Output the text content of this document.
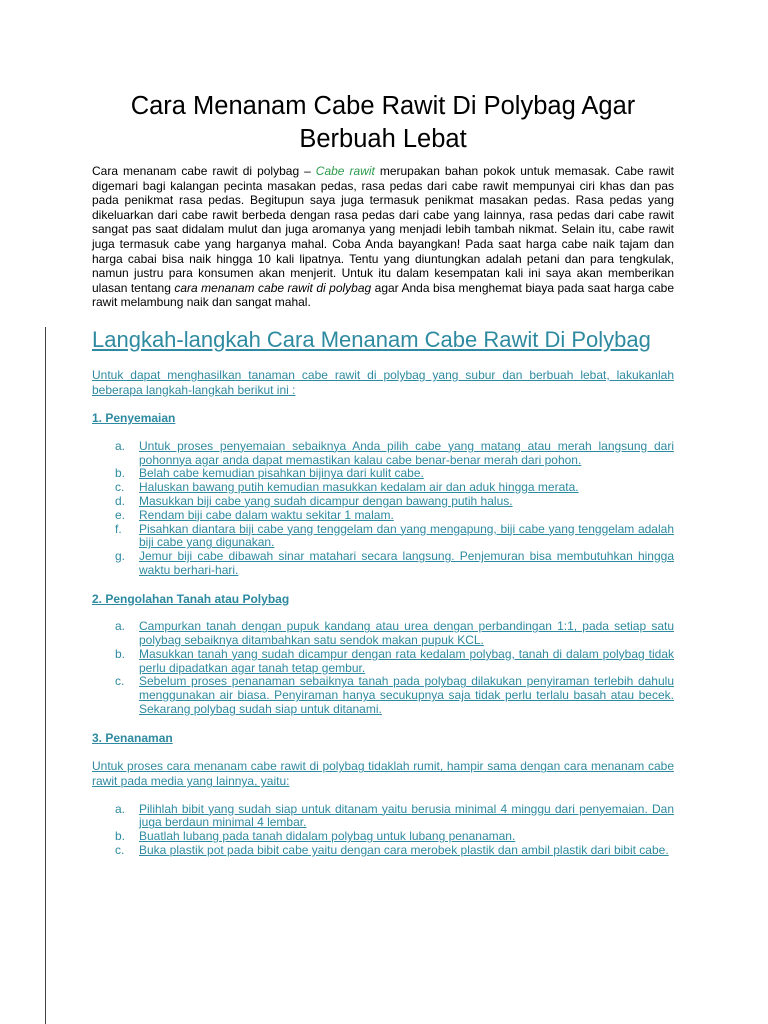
Cara Menanam Cabe Rawit Di Polybag Agar Berbuah Lebat

Cara menanam cabe rawit di polybag – Cabe rawit merupakan bahan pokok untuk memasak. Cabe rawit digemari bagi kalangan pecinta masakan pedas, rasa pedas dari cabe rawit mempunyai ciri khas dan pas pada penikmat rasa pedas. Begitupun saya juga termasuk penikmat masakan pedas. Rasa pedas yang dikeluarkan dari cabe rawit berbeda dengan rasa pedas dari cabe yang lainnya, rasa pedas dari cabe rawit sangat pas saat didalam mulut dan juga aromanya yang menjadi lebih tambah nikmat. Selain itu, cabe rawit juga termasuk cabe yang harganya mahal. Coba Anda bayangkan! Pada saat harga cabe naik tajam dan harga cabai bisa naik hingga 10 kali lipatnya. Tentu yang diuntungkan adalah petani dan para tengkulak, namun justru para konsumen akan menjerit. Untuk itu dalam kesempatan kali ini saya akan memberikan ulasan tentang cara menanam cabe rawit di polybag agar Anda bisa menghemat biaya pada saat harga cabe rawit melambung naik dan sangat mahal.

Langkah-langkah Cara Menanam Cabe Rawit Di Polybag

Untuk dapat menghasilkan tanaman cabe rawit di polybag yang subur dan berbuah lebat, lakukanlah beberapa langkah-langkah berikut ini :

1. Penyemaian
a. Untuk proses penyemaian sebaiknya Anda pilih cabe yang matang atau merah langsung dari pohonnya agar anda dapat memastikan kalau cabe benar-benar merah dari pohon.
b. Belah cabe kemudian pisahkan bijinya dari kulit cabe.
c. Haluskan bawang putih kemudian masukkan kedalam air dan aduk hingga merata.
d. Masukkan biji cabe yang sudah dicampur dengan bawang putih halus.
e. Rendam biji cabe dalam waktu sekitar 1 malam.
f. Pisahkan diantara biji cabe yang tenggelam dan yang mengapung, biji cabe yang tenggelam adalah biji cabe yang digunakan.
g. Jemur biji cabe dibawah sinar matahari secara langsung. Penjemuran bisa membutuhkan hingga waktu berhari-hari.
2. Pengolahan Tanah atau Polybag
a. Campurkan tanah dengan pupuk kandang atau urea dengan perbandingan 1:1, pada setiap satu polybag sebaiknya ditambahkan satu sendok makan pupuk KCL.
b. Masukkan tanah yang sudah dicampur dengan rata kedalam polybag, tanah di dalam polybag tidak perlu dipadatkan agar tanah tetap gembur.
c. Sebelum proses penanaman sebaiknya tanah pada polybag dilakukan penyiraman terlebih dahulu menggunakan air biasa. Penyiraman hanya secukupnya saja tidak perlu terlalu basah atau becek. Sekarang polybag sudah siap untuk ditanami.
3. Penanaman

Untuk proses cara menanam cabe rawit di polybag tidaklah rumit, hampir sama dengan cara menanam cabe rawit pada media yang lainnya, yaitu:

a. Pilihlah bibit yang sudah siap untuk ditanam yaitu berusia minimal 4 minggu dari penyemaian. Dan juga berdaun minimal 4 lembar.
b. Buatlah lubang pada tanah didalam polybag untuk lubang penanaman.
c. Buka plastik pot pada bibit cabe yaitu dengan cara merobek plastik dan ambil plastik dari bibit cabe.
